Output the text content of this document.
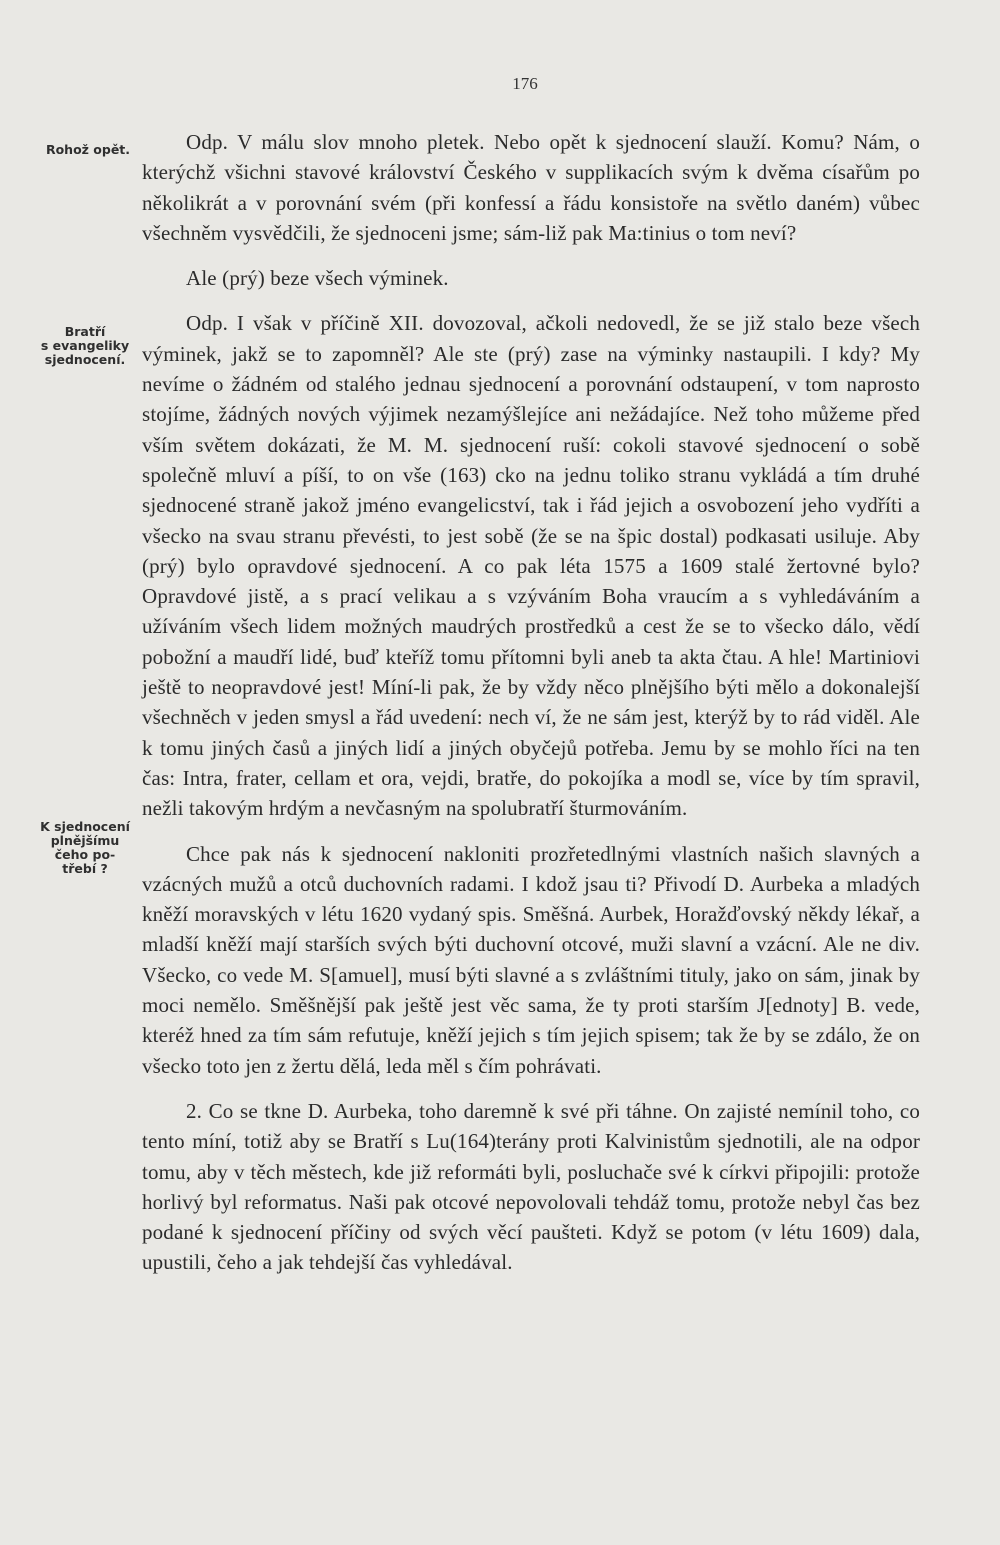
176
Rohož opět.
Bratří
s evangeliky
sjednocení.
K sjednocení
plnějšímu
čeho po-
třebí ?

Odp. V málu slov mnoho pletek. Nebo opět k sjednocení slauží. Komu? Nám, o kterýchž všichni stavové království Českého v supplikacích svým k dvěma císařům po několikrát a v porovnání svém (při konfessí a řádu konsistoře na světlo daném) vůbec všechněm vysvědčili, že sjednoceni jsme; sám-liž pak Ma:tinius o tom neví?

Ale (prý) beze všech výminek.

Odp. I však v příčině XII. dovozoval, ačkoli nedovedl, že se již stalo beze všech výminek, jakž se to zapomněl? Ale ste (prý) zase na výminky nastaupili. I kdy? My nevíme o žádném od stalého jednau sjednocení a porovnání odstaupení, v tom naprosto stojíme, žádných nových výjimek nezamýšlejíce ani nežádajíce. Než toho můžeme před vším světem dokázati, že M. M. sjednocení ruší: cokoli stavové sjednocení o sobě společně mluví a píší, to on vše (163) cko na jednu toliko stranu vykládá a tím druhé sjednocené straně jakož jméno evangelicství, tak i řád jejich a osvobození jeho vydříti a všecko na svau stranu převésti, to jest sobě (že se na špic dostal) podkasati usiluje. Aby (prý) bylo opravdové sjednocení. A co pak léta 1575 a 1609 stalé žertovné bylo? Opravdové jistě, a s prací velikau a s vzýváním Boha vraucím a s vyhledáváním a užíváním všech lidem možných maudrých prostředků a cest že se to všecko dálo, vědí pobožní a maudří lidé, buď kteříž tomu přítomni byli aneb ta akta čtau. A hle! Martiniovi ještě to neopravdové jest! Míní-li pak, že by vždy něco plnějšího býti mělo a dokonalejší všechněch v jeden smysl a řád uvedení: nech ví, že ne sám jest, kterýž by to rád viděl. Ale k tomu jiných časů a jiných lidí a jiných obyčejů potřeba. Jemu by se mohlo říci na ten čas: Intra, frater, cellam et ora, vejdi, bratře, do pokojíka a modl se, více by tím spravil, nežli takovým hrdým a nevčasným na spolubratří šturmováním.

Chce pak nás k sjednocení nakloniti prozřetedlnými vlastních našich slavných a vzácných mužů a otců duchovních radami. I kdož jsau ti? Přivodí D. Aurbeka a mladých kněží moravských v létu 1620 vydaný spis. Směšná. Aurbek, Horažďovský někdy lékař, a mladší kněží mají starších svých býti duchovní otcové, muži slavní a vzácní. Ale ne div. Všecko, co vede M. S[amuel], musí býti slavné a s zvláštními tituly, jako on sám, jinak by moci nemělo. Směšnější pak ještě jest věc sama, že ty proti starším J[ednoty] B. vede, kteréž hned za tím sám refutuje, kněží jejich s tím jejich spisem; tak že by se zdálo, že on všecko toto jen z žertu dělá, leda měl s čím pohrávati.

2. Co se tkne D. Aurbeka, toho daremně k své při táhne. On zajisté nemínil toho, co tento míní, totiž aby se Bratří s Lu(164)terány proti Kalvinistům sjednotili, ale na odpor tomu, aby v těch městech, kde již reformáti byli, posluchače své k církvi připojili: protože horlivý byl reformatus. Naši pak otcové nepovolovali tehdáž tomu, protože nebyl čas bez podané k sjednocení příčiny od svých věcí paušteti. Když se potom (v létu 1609) dala, upustili, čeho a jak tehdejší čas vyhledával.
